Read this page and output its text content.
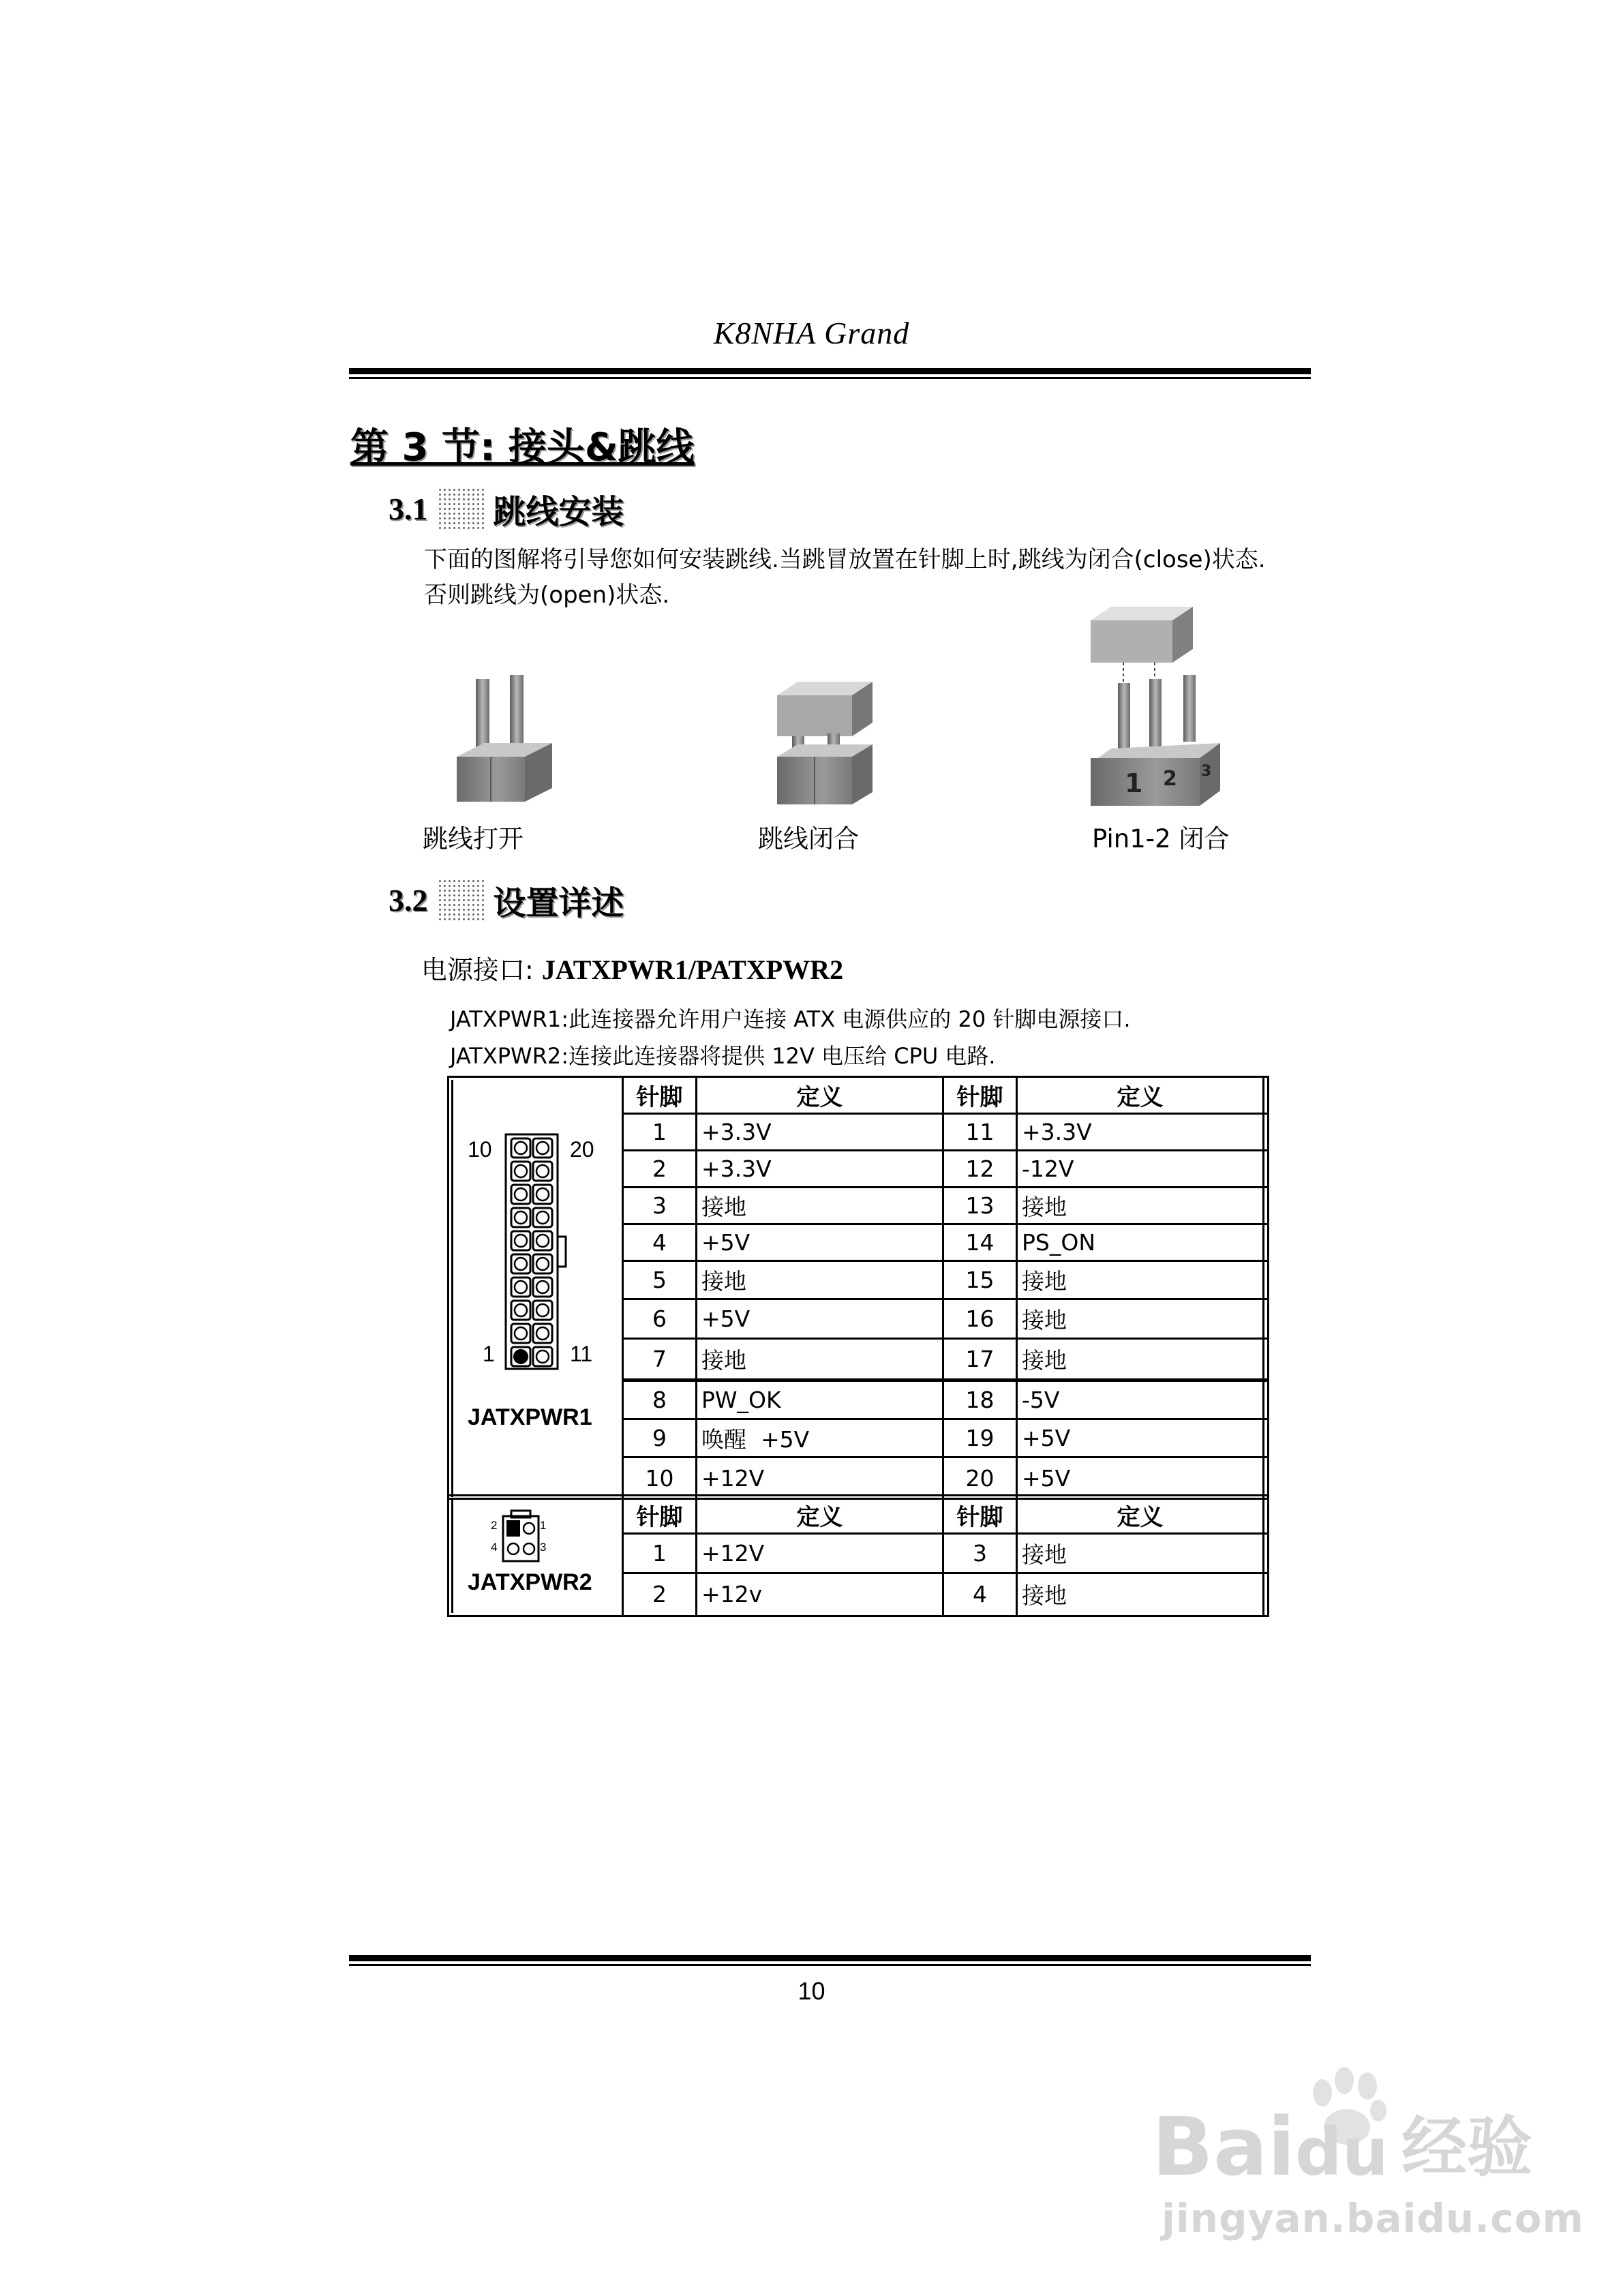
K8NHA Grand
第 3 节: 接头&跳线
3.1 跳线安装
下面的图解将引导您如何安装跳线.当跳冒放置在针脚上时,跳线为闭合(close)状态.
否则跳线为(open)状态.
1 2 3
跳线打开	跳线闭合	Pin1-2 闭合
3.2 设置详述
电源接口: JATXPWR1/PATXPWR2
JATXPWR1:此连接器允许用户连接 ATX 电源供应的 20 针脚电源接口.
JATXPWR2:连接此连接器将提供 12V 电压给 CPU 电路.
针脚	定义	针脚	定义
1	+3.3V	11	+3.3V
2	+3.3V	12	-12V
3	接地	13	接地
4	+5V	14	PS_ON
5	接地	15	接地
6	+5V	16	接地
7	接地	17	接地
8	PW_OK	18	-5V
9	唤醒  +5V	19	+5V
10	+12V	20	+5V
10	20
1	11
JATXPWR1
针脚	定义	针脚	定义
1	+12V	3	接地
2	+12v	4	接地
2	1
4	3
JATXPWR2
10
Baidu 经验
jingyan.baidu.com
